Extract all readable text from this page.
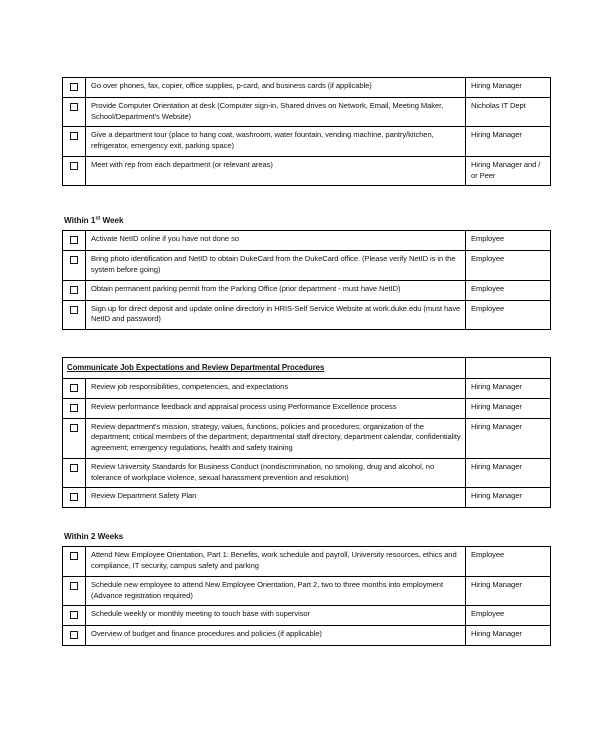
	Go over phones, fax, copier, office supplies, p-card, and business cards (if applicable)	Hiring Manager
	Provide Computer Orientation at desk (Computer sign-in, Shared drives on Network, Email, Meeting Maker, School/Department's Website)	Nicholas IT Dept
	Give a department tour (place to hang coat, washroom, water fountain, vending machine, pantry/kitchen, refrigerator, emergency exit, parking space)	Hiring Manager
	Meet with rep from each department (or relevant areas)	Hiring Manager and / or Peer
Within 1st Week
	Activate NetID online if you have not done so	Employee
	Bring photo identification and NetID to obtain DukeCard from the DukeCard office. (Please verify NetID is in the system before going)	Employee
	Obtain permanent parking permit from the Parking Office (prior department - must have NetID)	Employee
	Sign up for direct deposit and update online directory in HRIS-Self Service Website at work.duke.edu (must have NetID and password)	Employee
Communicate Job Expectations and Review Departmental Procedures		
	Review job responsibilities, competencies, and expectations	Hiring Manager
	Review performance feedback and appraisal process using Performance Excellence process	Hiring Manager
	Review department's mission, strategy, values, functions, policies and procedures; organization of the department; critical members of the department; departmental staff directory, department calendar, confidentiality agreement; emergency regulations, health and safety training	Hiring Manager
	Review University Standards for Business Conduct (nondiscrimination, no smoking, drug and alcohol, no tolerance of workplace violence, sexual harassment prevention and resolution)	Hiring Manager
	Review Department Safety Plan	Hiring Manager
Within 2 Weeks
	Attend New Employee Orientation, Part 1: Benefits, work schedule and payroll, University resources, ethics and compliance, IT security, campus safety and parking	Employee
	Schedule new employee to attend New Employee Orientation, Part 2, two to three months into employment (Advance registration required)	Hiring Manager
	Schedule weekly or monthly meeting to touch base with supervisor	Employee
	Overview of budget and finance procedures and policies (if applicable)	Hiring Manager
